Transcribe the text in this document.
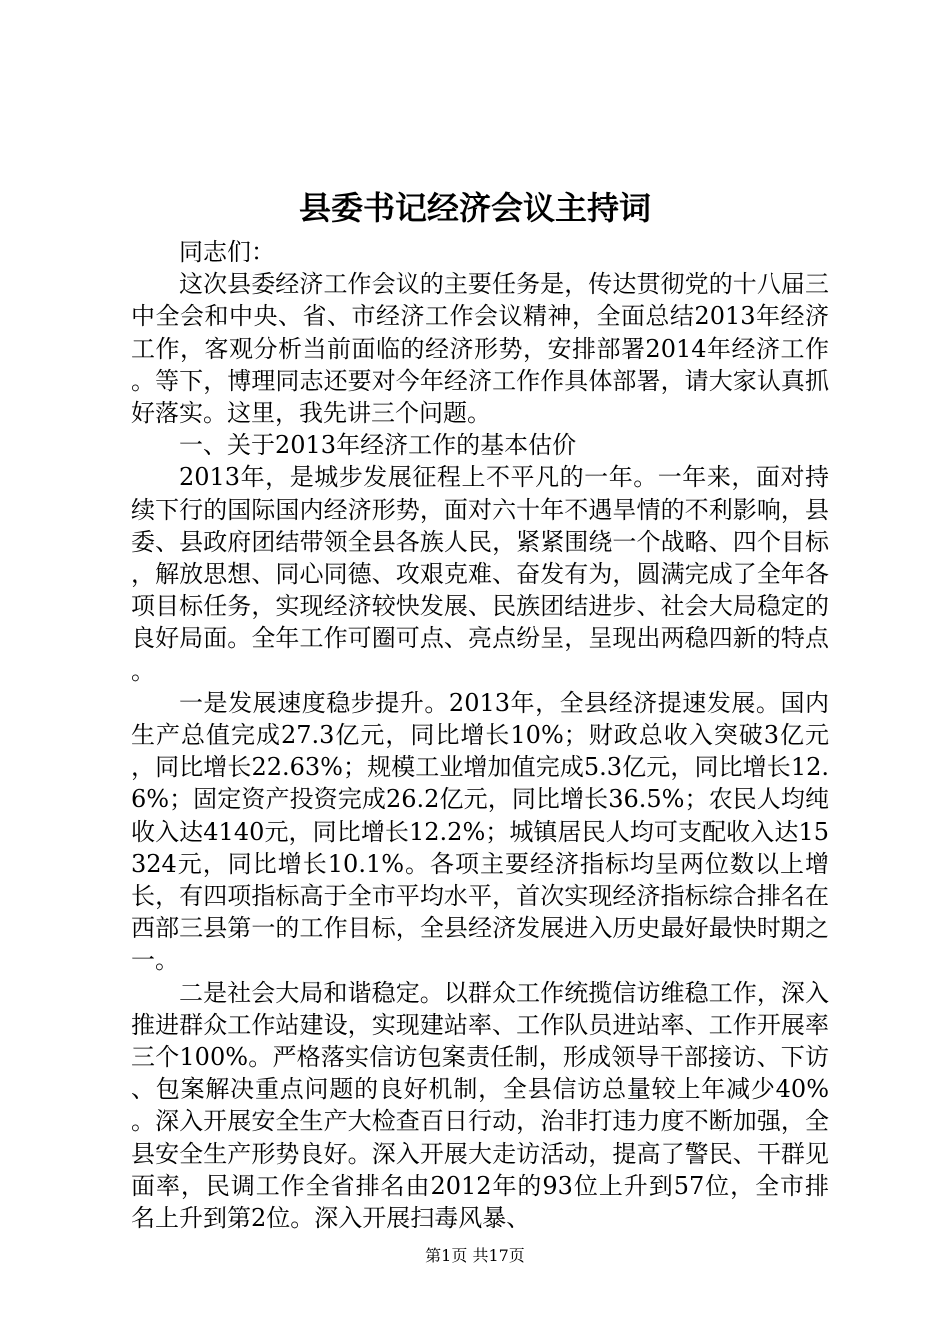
县委书记经济会议主持词

同志们：

这次县委经济工作会议的主要任务是，传达贯彻党的十八届三中全会和中央、省、市经济工作会议精神，全面总结2013年经济工作，客观分析当前面临的经济形势，安排部署2014年经济工作。等下，博理同志还要对今年经济工作作具体部署，请大家认真抓好落实。这里，我先讲三个问题。

一、关于2013年经济工作的基本估价

2013年，是城步发展征程上不平凡的一年。一年来，面对持续下行的国际国内经济形势，面对六十年不遇旱情的不利影响，县委、县政府团结带领全县各族人民，紧紧围绕一个战略、四个目标，解放思想、同心同德、攻艰克难、奋发有为，圆满完成了全年各项目标任务，实现经济较快发展、民族团结进步、社会大局稳定的良好局面。全年工作可圈可点、亮点纷呈，呈现出两稳四新的特点。

一是发展速度稳步提升。2013年，全县经济提速发展。国内生产总值完成27.3亿元，同比增长10%；财政总收入突破3亿元，同比增长22.63%；规模工业增加值完成5.3亿元，同比增长12.6%；固定资产投资完成26.2亿元，同比增长36.5%；农民人均纯收入达4140元，同比增长12.2%；城镇居民人均可支配收入达15324元，同比增长10.1%。各项主要经济指标均呈两位数以上增长，有四项指标高于全市平均水平，首次实现经济指标综合排名在西部三县第一的工作目标，全县经济发展进入历史最好最快时期之一。

二是社会大局和谐稳定。以群众工作统揽信访维稳工作，深入推进群众工作站建设，实现建站率、工作队员进站率、工作开展率三个100%。严格落实信访包案责任制，形成领导干部接访、下访、包案解决重点问题的良好机制，全县信访总量较上年减少40%。深入开展安全生产大检查百日行动，治非打违力度不断加强，全县安全生产形势良好。深入开展大走访活动，提高了警民、干群见面率，民调工作全省排名由2012年的93位上升到57位，全市排名上升到第2位。深入开展扫毒风暴、

第1页 共17页
